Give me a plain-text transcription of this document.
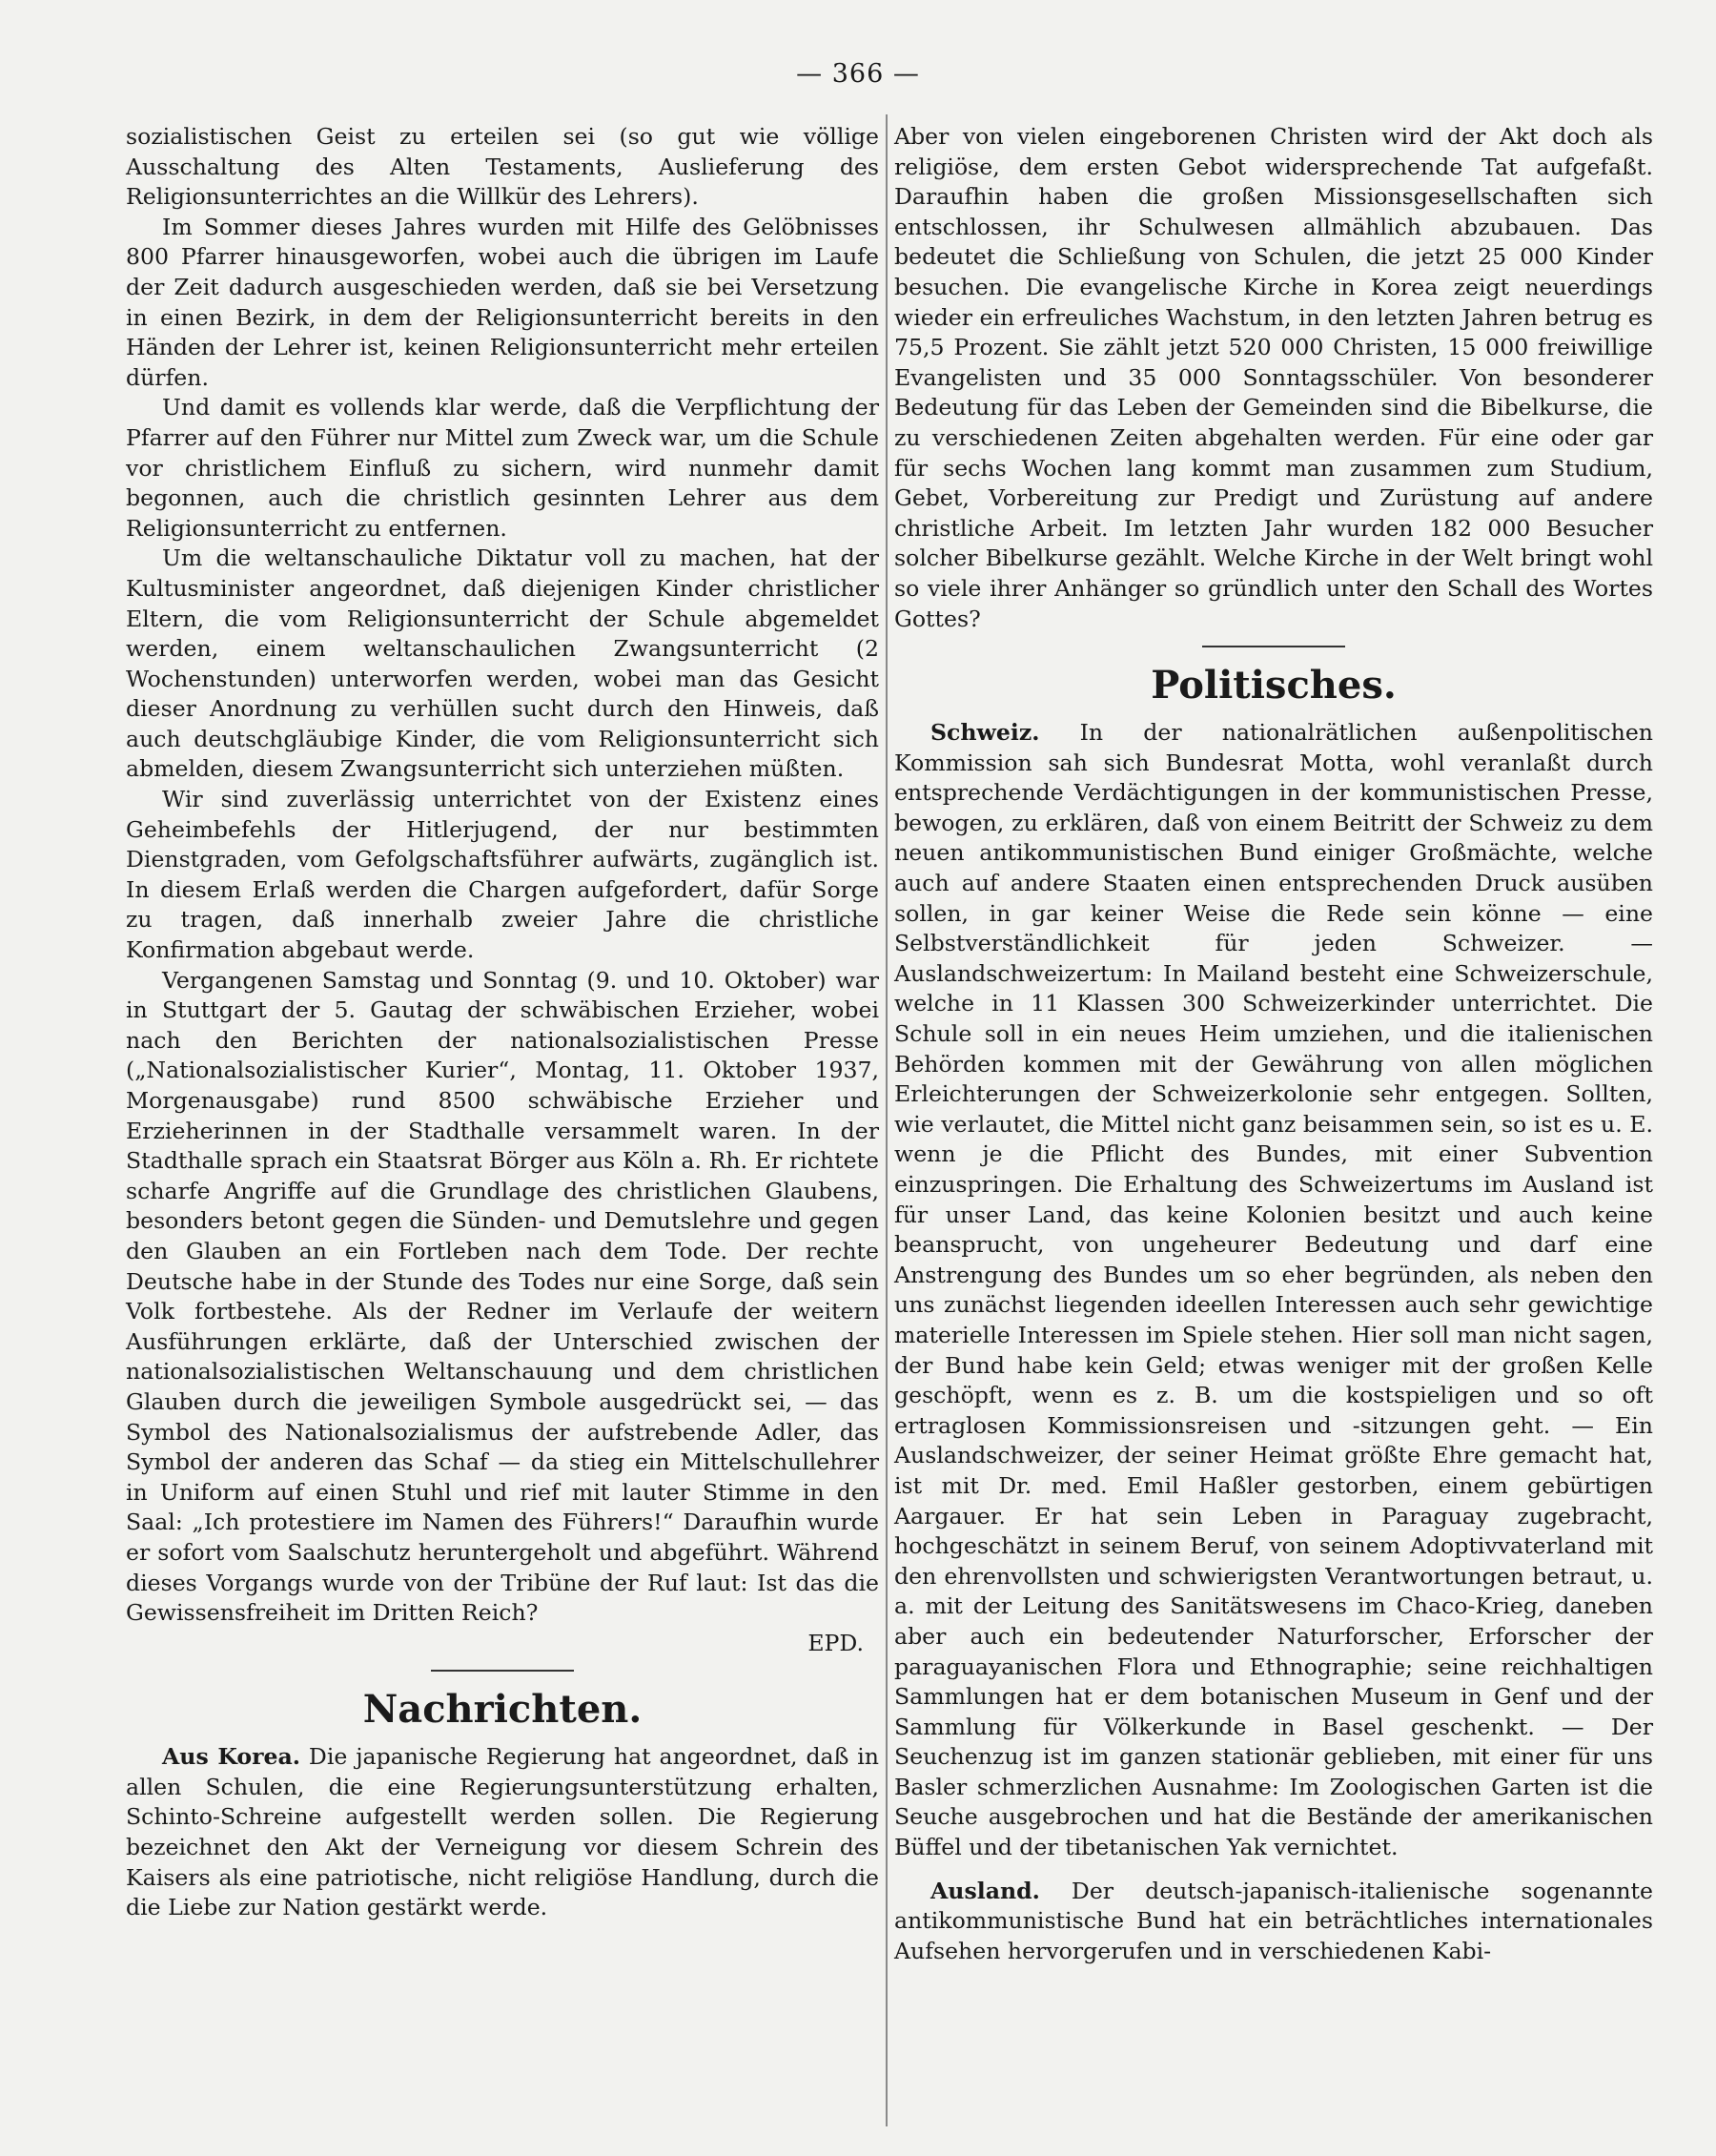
— 366 —

sozialistischen Geist zu erteilen sei (so gut wie völlige Ausschaltung des Alten Testaments, Auslieferung des Religionsunterrichtes an die Willkür des Lehrers).

Im Sommer dieses Jahres wurden mit Hilfe des Gelöbnisses 800 Pfarrer hinausgeworfen, wobei auch die übrigen im Laufe der Zeit dadurch ausgeschieden werden, daß sie bei Versetzung in einen Bezirk, in dem der Religionsunterricht bereits in den Händen der Lehrer ist, keinen Religionsunterricht mehr erteilen dürfen.

Und damit es vollends klar werde, daß die Verpflichtung der Pfarrer auf den Führer nur Mittel zum Zweck war, um die Schule vor christlichem Einfluß zu sichern, wird nunmehr damit begonnen, auch die christlich gesinnten Lehrer aus dem Religionsunterricht zu entfernen.

Um die weltanschauliche Diktatur voll zu machen, hat der Kultusminister angeordnet, daß diejenigen Kinder christlicher Eltern, die vom Religionsunterricht der Schule abgemeldet werden, einem weltanschaulichen Zwangsunterricht (2 Wochenstunden) unterworfen werden, wobei man das Gesicht dieser Anordnung zu verhüllen sucht durch den Hinweis, daß auch deutschgläubige Kinder, die vom Religionsunterricht sich abmelden, diesem Zwangsunterricht sich unterziehen müßten.

Wir sind zuverlässig unterrichtet von der Existenz eines Geheimbefehls der Hitlerjugend, der nur bestimmten Dienstgraden, vom Gefolgschaftsführer aufwärts, zugänglich ist. In diesem Erlaß werden die Chargen aufgefordert, dafür Sorge zu tragen, daß innerhalb zweier Jahre die christliche Konfirmation abgebaut werde.

Vergangenen Samstag und Sonntag (9. und 10. Oktober) war in Stuttgart der 5. Gautag der schwäbischen Erzieher, wobei nach den Berichten der nationalsozialistischen Presse („Nationalsozialistischer Kurier“, Montag, 11. Oktober 1937, Morgenausgabe) rund 8500 schwäbische Erzieher und Erzieherinnen in der Stadthalle versammelt waren. In der Stadthalle sprach ein Staatsrat Börger aus Köln a. Rh. Er richtete scharfe Angriffe auf die Grundlage des christlichen Glaubens, besonders betont gegen die Sünden- und Demutslehre und gegen den Glauben an ein Fortleben nach dem Tode. Der rechte Deutsche habe in der Stunde des Todes nur eine Sorge, daß sein Volk fortbestehe. Als der Redner im Verlaufe der weitern Ausführungen erklärte, daß der Unterschied zwischen der nationalsozialistischen Weltanschauung und dem christlichen Glauben durch die jeweiligen Symbole ausgedrückt sei, — das Symbol des Nationalsozialismus der aufstrebende Adler, das Symbol der anderen das Schaf — da stieg ein Mittelschullehrer in Uniform auf einen Stuhl und rief mit lauter Stimme in den Saal: „Ich protestiere im Namen des Führers!“ Daraufhin wurde er sofort vom Saalschutz heruntergeholt und abgeführt. Während dieses Vorgangs wurde von der Tribüne der Ruf laut: Ist das die Gewissensfreiheit im Dritten Reich?

EPD.
Nachrichten.

Aus Korea. Die japanische Regierung hat angeordnet, daß in allen Schulen, die eine Regierungsunterstützung erhalten, Schinto-Schreine aufgestellt werden sollen. Die Regierung bezeichnet den Akt der Verneigung vor diesem Schrein des Kaisers als eine patriotische, nicht religiöse Handlung, durch die die Liebe zur Nation gestärkt werde.

Aber von vielen eingeborenen Christen wird der Akt doch als religiöse, dem ersten Gebot widersprechende Tat aufgefaßt. Daraufhin haben die großen Missionsgesellschaften sich entschlossen, ihr Schulwesen allmählich abzubauen. Das bedeutet die Schließung von Schulen, die jetzt 25 000 Kinder besuchen. Die evangelische Kirche in Korea zeigt neuerdings wieder ein erfreuliches Wachstum, in den letzten Jahren betrug es 75,5 Prozent. Sie zählt jetzt 520 000 Christen, 15 000 freiwillige Evangelisten und 35 000 Sonntagsschüler. Von besonderer Bedeutung für das Leben der Gemeinden sind die Bibelkurse, die zu verschiedenen Zeiten abgehalten werden. Für eine oder gar für sechs Wochen lang kommt man zusammen zum Studium, Gebet, Vorbereitung zur Predigt und Zurüstung auf andere christliche Arbeit. Im letzten Jahr wurden 182 000 Besucher solcher Bibelkurse gezählt. Welche Kirche in der Welt bringt wohl so viele ihrer Anhänger so gründlich unter den Schall des Wortes Gottes?

Politisches.

Schweiz. In der nationalrätlichen außenpolitischen Kommission sah sich Bundesrat Motta, wohl veranlaßt durch entsprechende Verdächtigungen in der kommunistischen Presse, bewogen, zu erklären, daß von einem Beitritt der Schweiz zu dem neuen antikommunistischen Bund einiger Großmächte, welche auch auf andere Staaten einen entsprechenden Druck ausüben sollen, in gar keiner Weise die Rede sein könne — eine Selbstverständlichkeit für jeden Schweizer. — Auslandschweizertum: In Mailand besteht eine Schweizerschule, welche in 11 Klassen 300 Schweizerkinder unterrichtet. Die Schule soll in ein neues Heim umziehen, und die italienischen Behörden kommen mit der Gewährung von allen möglichen Erleichterungen der Schweizerkolonie sehr entgegen. Sollten, wie verlautet, die Mittel nicht ganz beisammen sein, so ist es u. E. wenn je die Pflicht des Bundes, mit einer Subvention einzuspringen. Die Erhaltung des Schweizertums im Ausland ist für unser Land, das keine Kolonien besitzt und auch keine beansprucht, von ungeheurer Bedeutung und darf eine Anstrengung des Bundes um so eher begründen, als neben den uns zunächst liegenden ideellen Interessen auch sehr gewichtige materielle Interessen im Spiele stehen. Hier soll man nicht sagen, der Bund habe kein Geld; etwas weniger mit der großen Kelle geschöpft, wenn es z. B. um die kostspieligen und so oft ertraglosen Kommissionsreisen und -sitzungen geht. — Ein Auslandschweizer, der seiner Heimat größte Ehre gemacht hat, ist mit Dr. med. Emil Haßler gestorben, einem gebürtigen Aargauer. Er hat sein Leben in Paraguay zugebracht, hochgeschätzt in seinem Beruf, von seinem Adoptivvaterland mit den ehrenvollsten und schwierigsten Verantwortungen betraut, u. a. mit der Leitung des Sanitätswesens im Chaco-Krieg, daneben aber auch ein bedeutender Naturforscher, Erforscher der paraguayanischen Flora und Ethnographie; seine reichhaltigen Sammlungen hat er dem botanischen Museum in Genf und der Sammlung für Völkerkunde in Basel geschenkt. — Der Seuchenzug ist im ganzen stationär geblieben, mit einer für uns Basler schmerzlichen Ausnahme: Im Zoologischen Garten ist die Seuche ausgebrochen und hat die Bestände der amerikanischen Büffel und der tibetanischen Yak vernichtet.

Ausland. Der deutsch-japanisch-italienische sogenannte antikommunistische Bund hat ein beträchtliches internationales Aufsehen hervorgerufen und in verschiedenen Kabi-
